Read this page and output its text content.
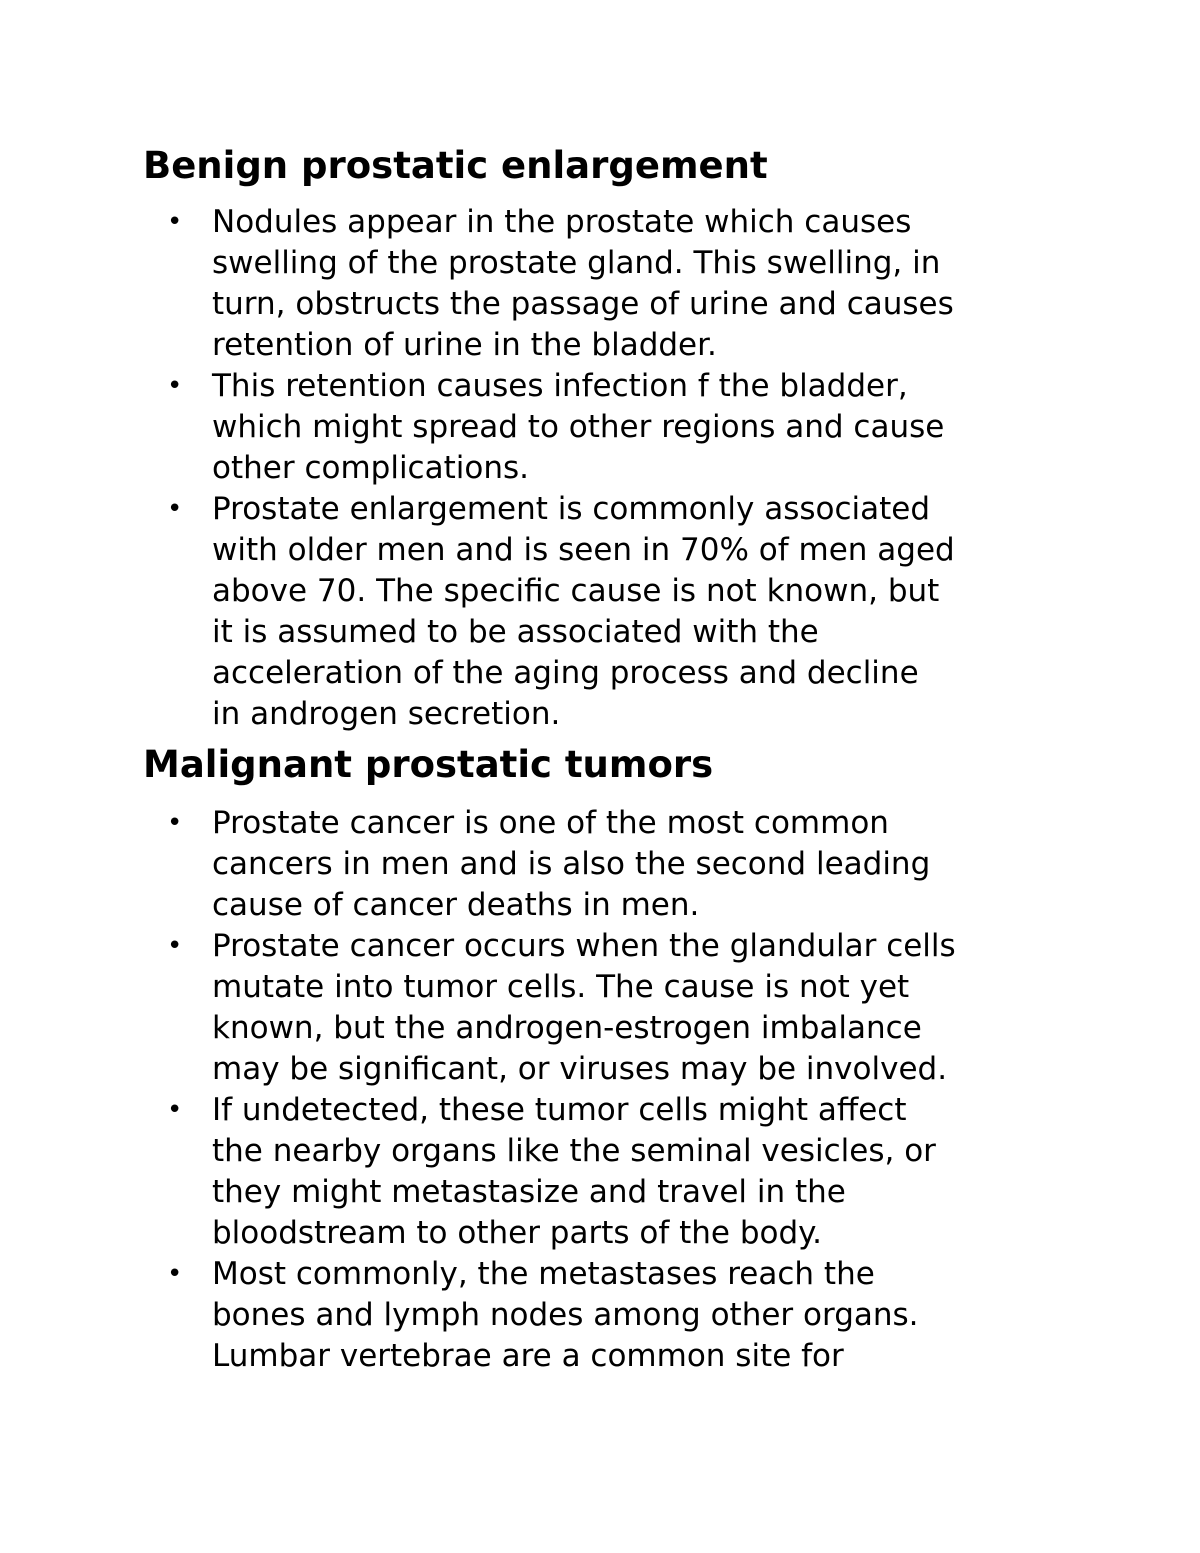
Benign prostatic enlargement
• Nodules appear in the prostate which causes
swelling of the prostate gland. This swelling, in
turn, obstructs the passage of urine and causes
retention of urine in the bladder.
• This retention causes infection f the bladder,
which might spread to other regions and cause
other complications.
• Prostate enlargement is commonly associated
with older men and is seen in 70% of men aged
above 70. The specific cause is not known, but
it is assumed to be associated with the
acceleration of the aging process and decline
in androgen secretion.
Malignant prostatic tumors
• Prostate cancer is one of the most common
cancers in men and is also the second leading
cause of cancer deaths in men.
• Prostate cancer occurs when the glandular cells
mutate into tumor cells. The cause is not yet
known, but the androgen-estrogen imbalance
may be significant, or viruses may be involved.
• If undetected, these tumor cells might affect
the nearby organs like the seminal vesicles, or
they might metastasize and travel in the
bloodstream to other parts of the body.
• Most commonly, the metastases reach the
bones and lymph nodes among other organs.
Lumbar vertebrae are a common site for
